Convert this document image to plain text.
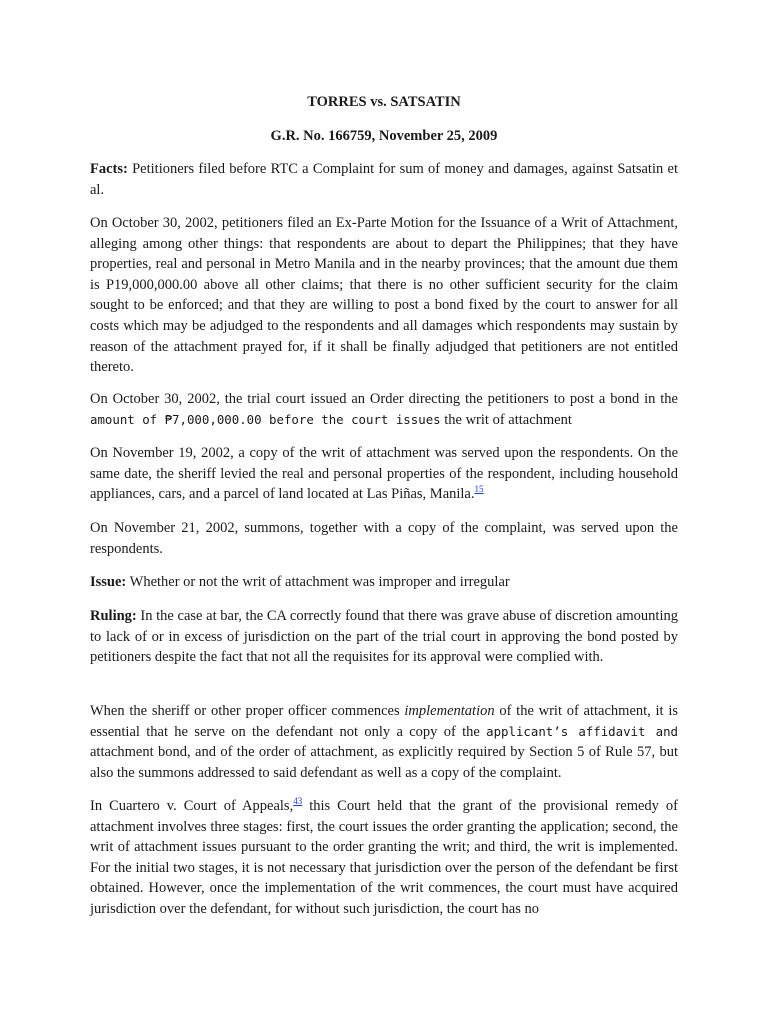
TORRES vs. SATSATIN

G.R. No. 166759, November 25, 2009

Facts: Petitioners filed before RTC a Complaint for sum of money and damages, against Satsatin et al.

On October 30, 2002, petitioners filed an Ex-Parte Motion for the Issuance of a Writ of Attachment, alleging among other things: that respondents are about to depart the Philippines; that they have properties, real and personal in Metro Manila and in the nearby provinces; that the amount due them is P19,000,000.00 above all other claims; that there is no other sufficient security for the claim sought to be enforced; and that they are willing to post a bond fixed by the court to answer for all costs which may be adjudged to the respondents and all damages which respondents may sustain by reason of the attachment prayed for, if it shall be finally adjudged that petitioners are not entitled thereto.

On October 30, 2002, the trial court issued an Order directing the petitioners to post a bond in the amount of ₱7,000,000.00 before the court issues the writ of attachment

On November 19, 2002, a copy of the writ of attachment was served upon the respondents. On the same date, the sheriff levied the real and personal properties of the respondent, including household appliances, cars, and a parcel of land located at Las Piñas, Manila.$^{15}$

On November 21, 2002, summons, together with a copy of the complaint, was served upon the respondents.

Issue: Whether or not the writ of attachment was improper and irregular

Ruling: In the case at bar, the CA correctly found that there was grave abuse of discretion amounting to lack of or in excess of jurisdiction on the part of the trial court in approving the bond posted by petitioners despite the fact that not all the requisites for its approval were complied with.

When the sheriff or other proper officer commences implementation of the writ of attachment, it is essential that he serve on the defendant not only a copy of the applicant’s affidavit and attachment bond, and of the order of attachment, as explicitly required by Section 5 of Rule 57, but also the summons addressed to said defendant as well as a copy of the complaint.

In Cuartero v. Court of Appeals,$^{43}$ this Court held that the grant of the provisional remedy of attachment involves three stages: first, the court issues the order granting the application; second, the writ of attachment issues pursuant to the order granting the writ; and third, the writ is implemented. For the initial two stages, it is not necessary that jurisdiction over the person of the defendant be first obtained. However, once the implementation of the writ commences, the court must have acquired jurisdiction over the defendant, for without such jurisdiction, the court has no
